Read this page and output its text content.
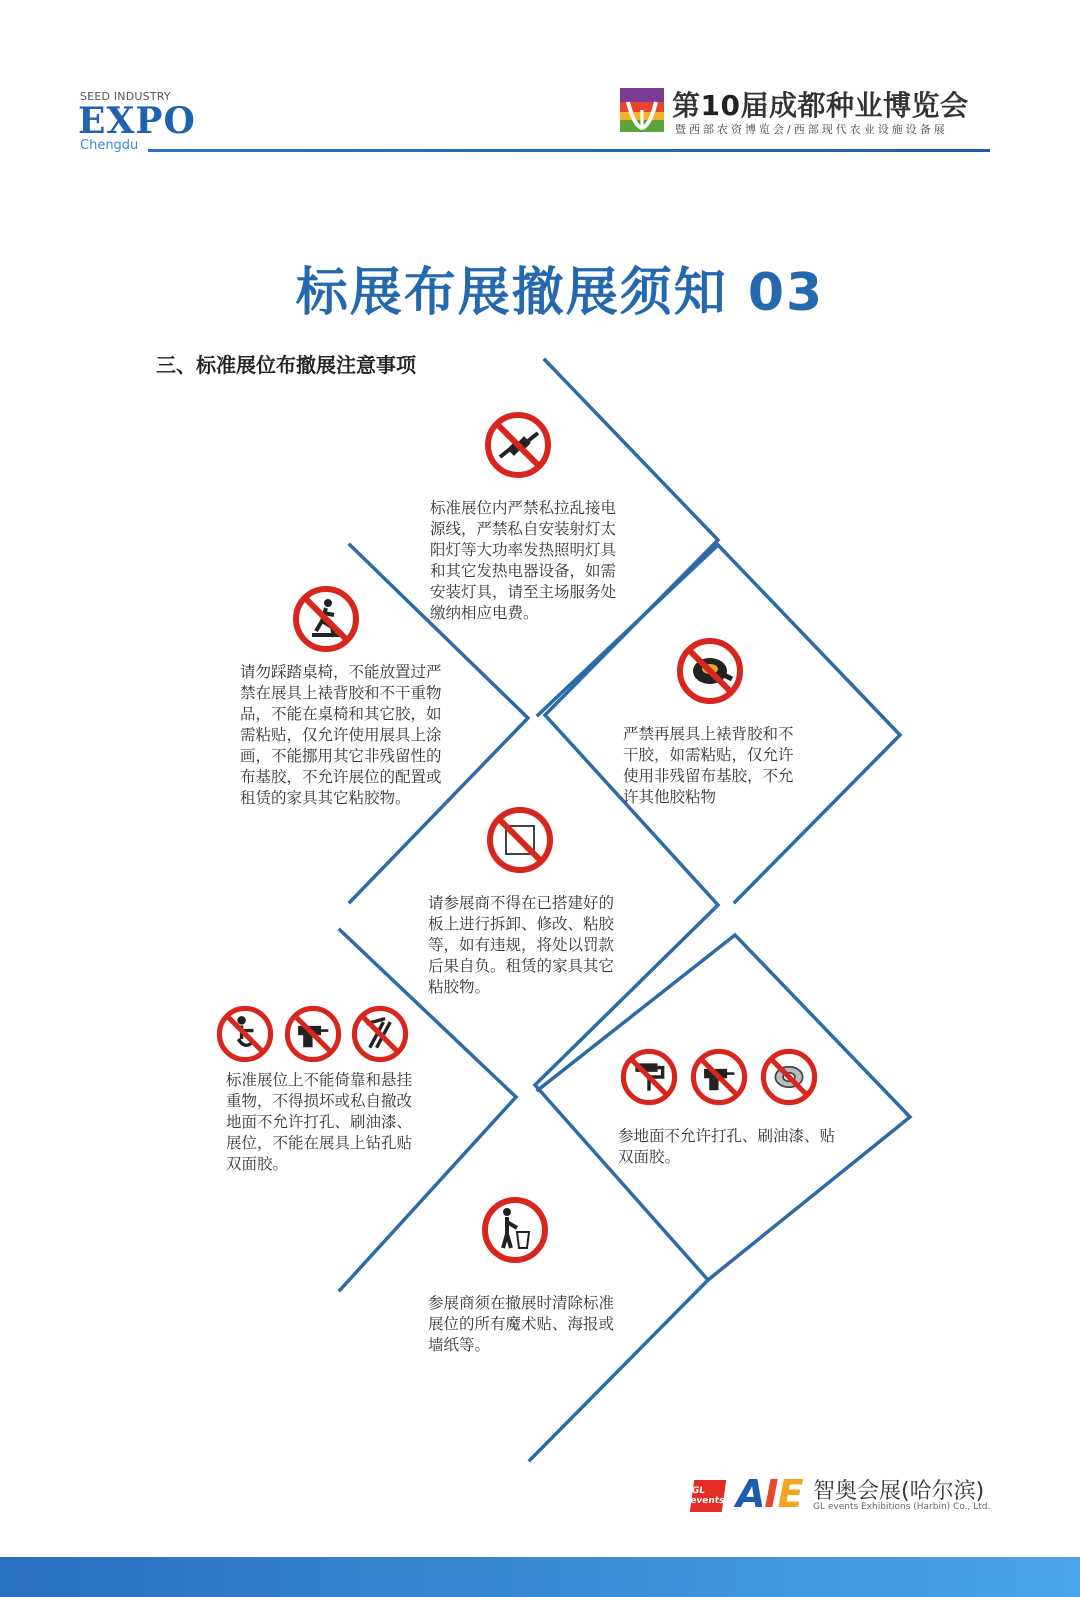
SEED INDUSTRY
EXPO
Chengdu
第10届成都种业博览会
暨西部农资博览会/西部现代农业设施设备展
标展布展撤展须知 03
三、标准展位布撤展注意事项
标准展位内严禁私拉乱接电源线，严禁私自安装射灯太阳灯等大功率发热照明灯具和其它发热电器设备，如需安装灯具，请至主场服务处缴纳相应电费。
请勿踩踏桌椅，不能放置过严禁在展具上裱背胶和不干重物品，不能在桌椅和其它胶，如需粘贴，仅允许使用展具上涂画，不能挪用其它非残留性的布基胶，不允许展位的配置或租赁的家具其它粘胶物。
严禁再展具上裱背胶和不干胶，如需粘贴，仅允许使用非残留布基胶，不允许其他胶粘物
请参展商不得在已搭建好的板上进行拆卸、修改、粘胶等，如有违规，将处以罚款后果自负。租赁的家具其它粘胶物。
标准展位上不能倚靠和悬挂重物，不得损坏或私自撤改地面不允许打孔、刷油漆、展位，不能在展具上钻孔贴双面胶。
参地面不允许打孔、刷油漆、贴双面胶。
参展商须在撤展时清除标准展位的所有魔术贴、海报或墙纸等。
GL events AIE 智奥会展(哈尔滨)
GL events Exhibitions (Harbin) Co., Ltd.
